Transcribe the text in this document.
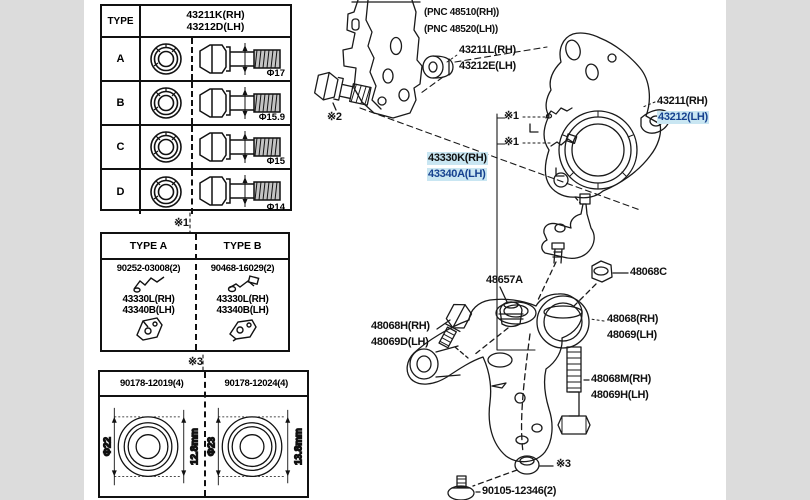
TYPE	43211K(RH)
43212D(LH)
A
Φ17
B
Φ15.9
C
Φ15
D
Φ14
※1
TYPE A
90252-03008(2)
43330L(RH)
43340B(LH)
TYPE B
90468-16029(2)
43330L(RH)
43340B(LH)
※3
90178-12019(4)
Φ22	12.8mm
90178-12024(4)
Φ23	13.8mm
(PNC 48510(RH))
(PNC 48520(LH))
43211L(RH)
43212E(LH)
※2	※1
※1
43211(RH)
43212(LH)
43330K(RH)
43340A(LH)
48068C
48657A
48068H(RH)
48069D(LH)
48068(RH)
48069(LH)
48068M(RH)
48069H(LH)
※3
90105-12346(2)
